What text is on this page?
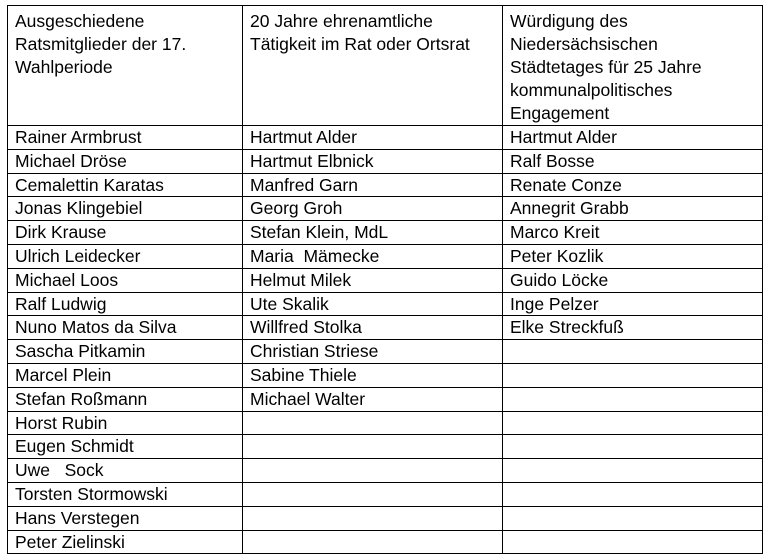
Ausgeschiedene Ratsmitglieder der 17. Wahlperiode	20 Jahre ehrenamtliche Tätigkeit im Rat oder Ortsrat	Würdigung des Niedersächsischen Städtetages für 25 Jahre kommunalpolitisches Engagement
Rainer Armbrust	Hartmut Alder	Hartmut Alder
Michael Dröse	Hartmut Elbnick	Ralf Bosse
Cemalettin Karatas	Manfred Garn	Renate Conze
Jonas Klingebiel	Georg Groh	Annegrit Grabb
Dirk Krause	Stefan Klein, MdL	Marco Kreit
Ulrich Leidecker	Maria  Mämecke	Peter Kozlik
Michael Loos	Helmut Milek	Guido Löcke
Ralf Ludwig	Ute Skalik	Inge Pelzer
Nuno Matos da Silva	Willfred Stolka	Elke Streckfuß
Sascha Pitkamin	Christian Striese	
Marcel Plein	Sabine Thiele	
Stefan Roßmann	Michael Walter	
Horst Rubin		
Eugen Schmidt		
Uwe   Sock		
Torsten Stormowski		
Hans Verstegen		
Peter Zielinski		
